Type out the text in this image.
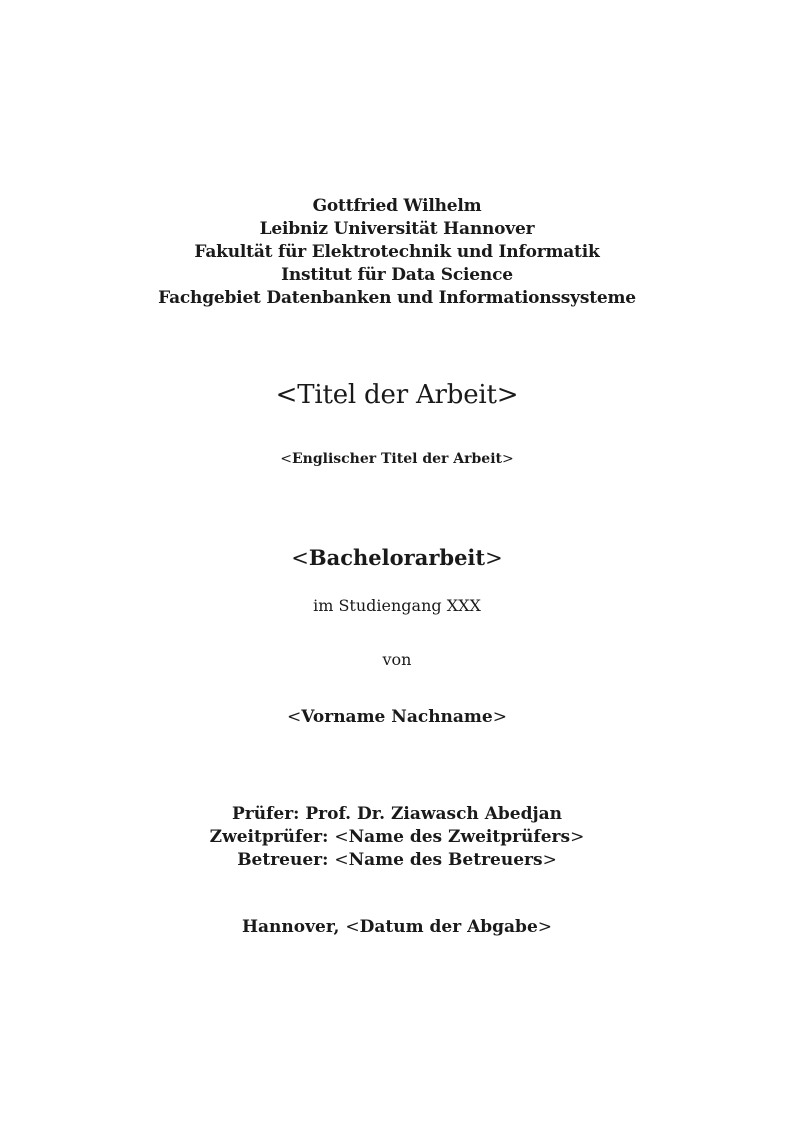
Gottfried Wilhelm
Leibniz Universität Hannover
Fakultät für Elektrotechnik und Informatik
Institut für Data Science
Fachgebiet Datenbanken und Informationssysteme
<Titel der Arbeit>
<Englischer Titel der Arbeit>
<Bachelorarbeit>
im Studiengang XXX
von
<Vorname Nachname>
Prüfer: Prof. Dr. Ziawasch Abedjan
Zweitprüfer: <Name des Zweitprüfers>
Betreuer: <Name des Betreuers>
Hannover, <Datum der Abgabe>
